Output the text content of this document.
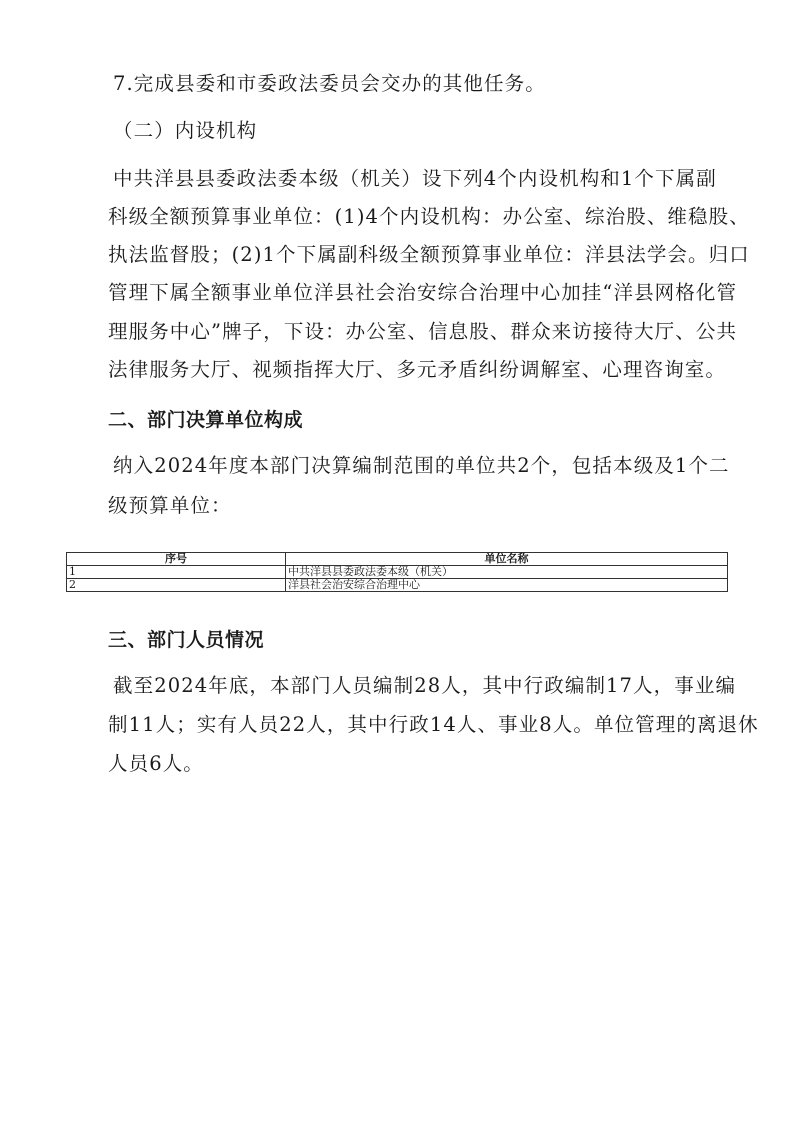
7.完成县委和市委政法委员会交办的其他任务。
（二）内设机构
中共洋县县委政法委本级（机关）设下列4个内设机构和1个下属副
科级全额预算事业单位：(1)4个内设机构：办公室、综治股、维稳股、
执法监督股；(2)1个下属副科级全额预算事业单位：洋县法学会。归口
管理下属全额事业单位洋县社会治安综合治理中心加挂“洋县网格化管
理服务中心”牌子，下设：办公室、信息股、群众来访接待大厅、公共
法律服务大厅、视频指挥大厅、多元矛盾纠纷调解室、心理咨询室。
二、部门决算单位构成
纳入2024年度本部门决算编制范围的单位共2个，包括本级及1个二
级预算单位：
序号	单位名称
1	中共洋县县委政法委本级（机关）
2	洋县社会治安综合治理中心
三、部门人员情况
截至2024年底，本部门人员编制28人，其中行政编制17人，事业编
制11人；实有人员22人，其中行政14人、事业8人。单位管理的离退休
人员6人。
